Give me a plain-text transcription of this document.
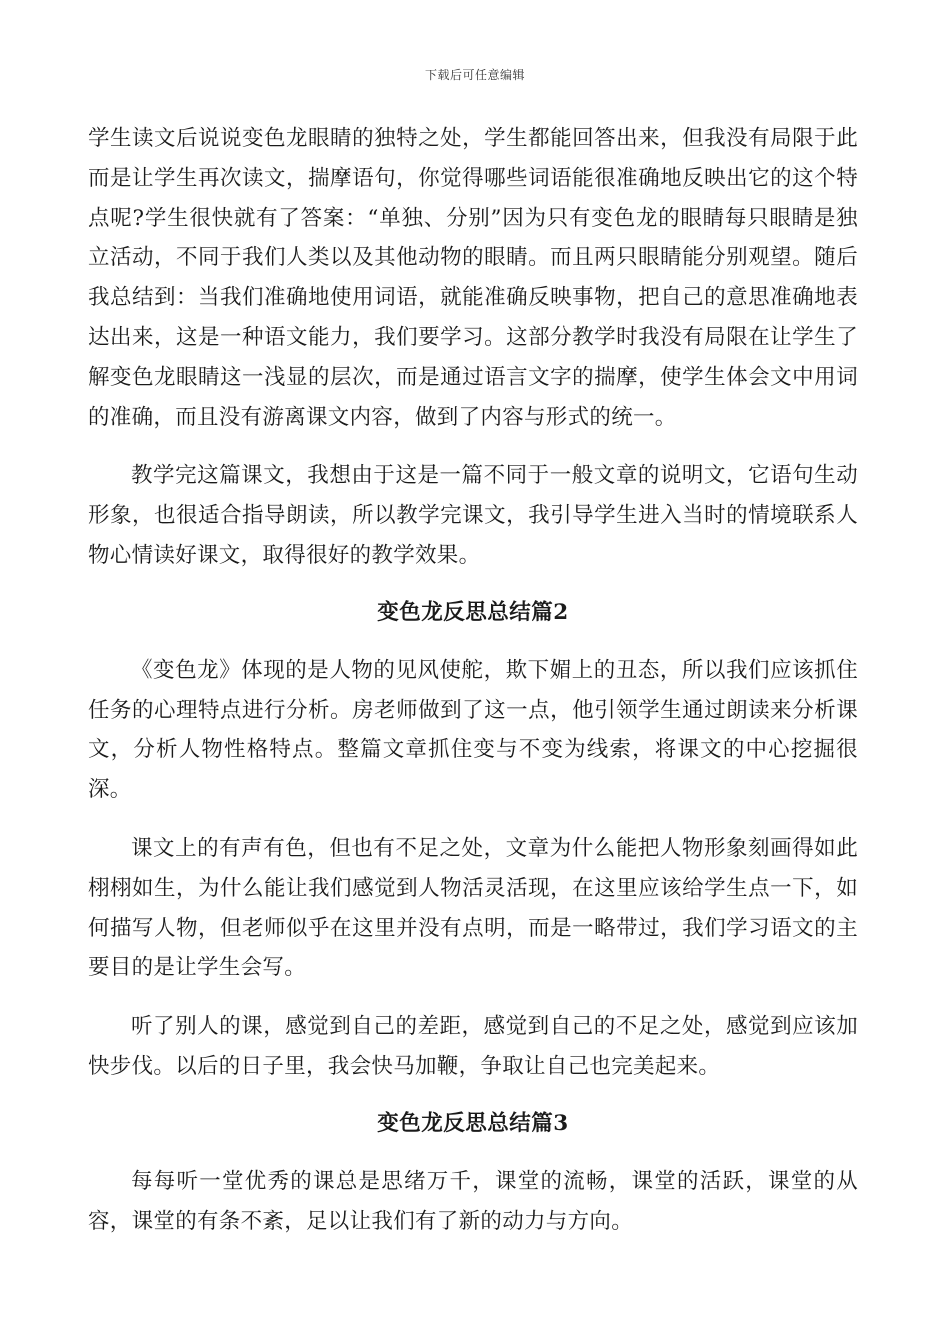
下载后可任意编辑

学生读文后说说变色龙眼睛的独特之处，学生都能回答出来，但我没有局限于此而是让学生再次读文，揣摩语句，你觉得哪些词语能很准确地反映出它的这个特点呢?学生很快就有了答案：“单独、分别”因为只有变色龙的眼睛每只眼睛是独立活动，不同于我们人类以及其他动物的眼睛。而且两只眼睛能分别观望。随后我总结到：当我们准确地使用词语，就能准确反映事物，把自己的意思准确地表达出来，这是一种语文能力，我们要学习。这部分教学时我没有局限在让学生了解变色龙眼睛这一浅显的层次，而是通过语言文字的揣摩，使学生体会文中用词的准确，而且没有游离课文内容，做到了内容与形式的统一。

教学完这篇课文，我想由于这是一篇不同于一般文章的说明文，它语句生动形象，也很适合指导朗读，所以教学完课文，我引导学生进入当时的情境联系人物心情读好课文，取得很好的教学效果。

变色龙反思总结篇2

《变色龙》体现的是人物的见风使舵，欺下媚上的丑态，所以我们应该抓住任务的心理特点进行分析。房老师做到了这一点，他引领学生通过朗读来分析课文，分析人物性格特点。整篇文章抓住变与不变为线索，将课文的中心挖掘很深。

课文上的有声有色，但也有不足之处，文章为什么能把人物形象刻画得如此栩栩如生，为什么能让我们感觉到人物活灵活现，在这里应该给学生点一下，如何描写人物，但老师似乎在这里并没有点明，而是一略带过，我们学习语文的主要目的是让学生会写。

听了别人的课，感觉到自己的差距，感觉到自己的不足之处，感觉到应该加快步伐。以后的日子里，我会快马加鞭，争取让自己也完美起来。

变色龙反思总结篇3

每每听一堂优秀的课总是思绪万千，课堂的流畅，课堂的活跃，课堂的从容，课堂的有条不紊，足以让我们有了新的动力与方向。
